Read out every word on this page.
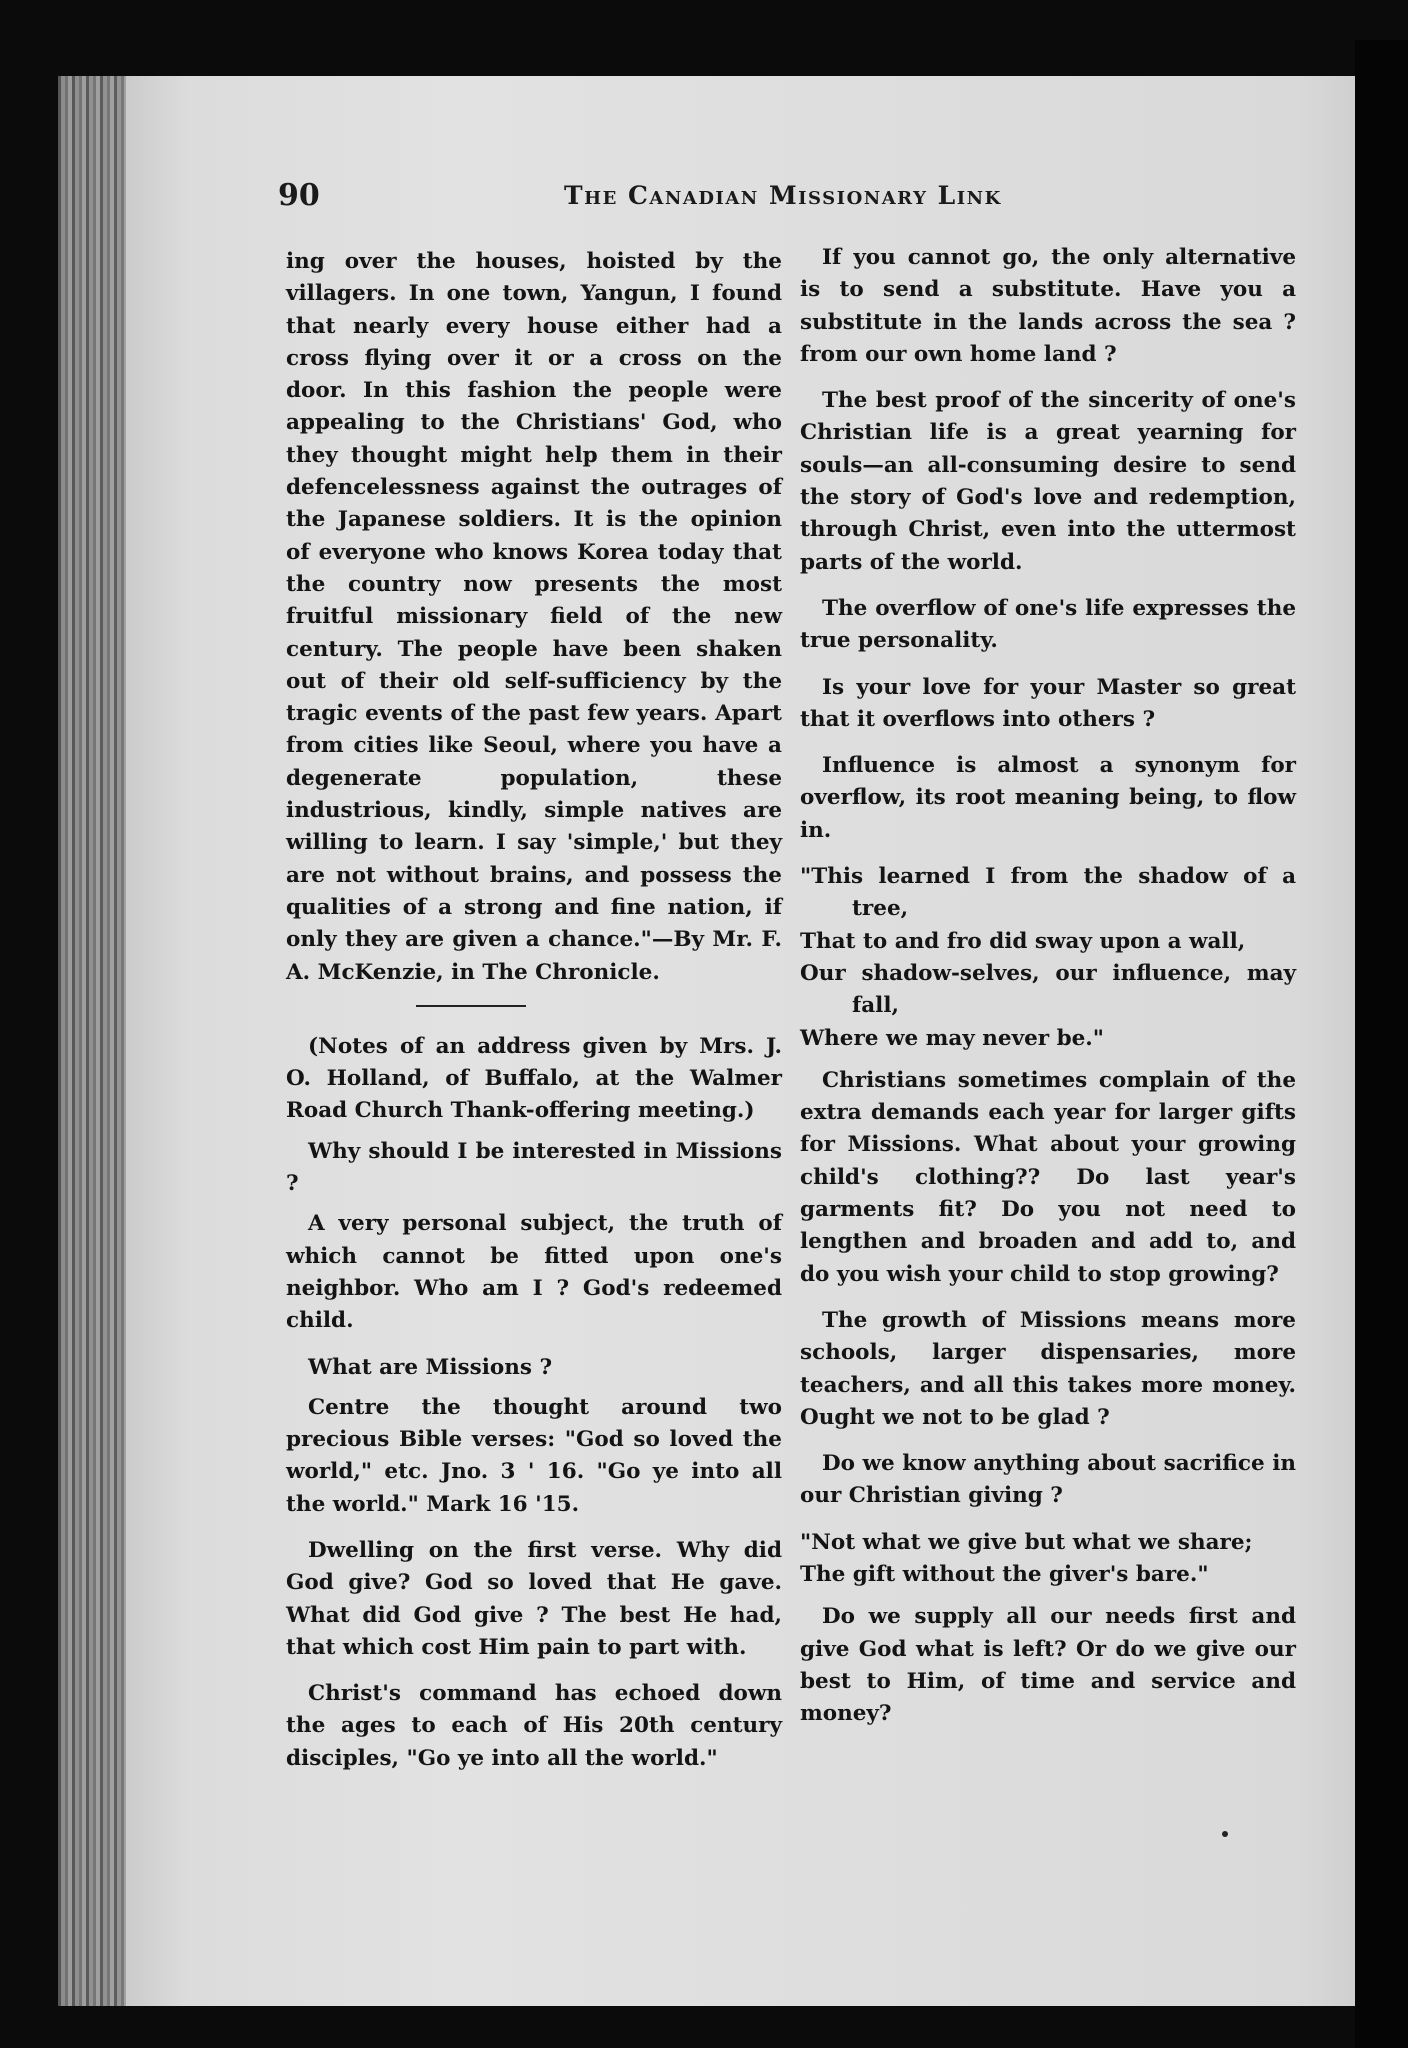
90	The Canadian Missionary Link

ing over the houses, hoisted by the villagers. In one town, Yangun, I found that nearly every house either had a cross flying over it or a cross on the door. In this fashion the people were appealing to the Christians' God, who they thought might help them in their defencelessness against the outrages of the Japanese soldiers. It is the opinion of everyone who knows Korea today that the country now presents the most fruitful missionary field of the new century. The people have been shaken out of their old self-sufficiency by the tragic events of the past few years. Apart from cities like Seoul, where you have a degenerate population, these industrious, kindly, simple natives are willing to learn. I say 'simple,' but they are not without brains, and possess the qualities of a strong and fine nation, if only they are given a chance."—By Mr. F. A. McKenzie, in The Chronicle.

(Notes of an address given by Mrs. J. O. Holland, of Buffalo, at the Walmer Road Church Thank-offering meeting.)

Why should I be interested in Missions ?

A very personal subject, the truth of which cannot be fitted upon one's neighbor. Who am I ? God's redeemed child.

What are Missions ?

Centre the thought around two precious Bible verses: "God so loved the world," etc. Jno. 3 ' 16. "Go ye into all the world." Mark 16 '15.

Dwelling on the first verse. Why did God give? God so loved that He gave. What did God give ? The best He had, that which cost Him pain to part with.

Christ's command has echoed down the ages to each of His 20th century disciples, "Go ye into all the world."

If you cannot go, the only alternative is to send a substitute. Have you a substitute in the lands across the sea ? from our own home land ?

The best proof of the sincerity of one's Christian life is a great yearning for souls—an all-consuming desire to send the story of God's love and redemption, through Christ, even into the uttermost parts of the world.

The overflow of one's life expresses the true personality.

Is your love for your Master so great that it overflows into others ?

Influence is almost a synonym for overflow, its root meaning being, to flow in.

"This learned I from the shadow of a tree,
That to and fro did sway upon a wall,
Our shadow-selves, our influence, may fall,
Where we may never be."

Christians sometimes complain of the extra demands each year for larger gifts for Missions. What about your growing child's clothing?? Do last year's garments fit? Do you not need to lengthen and broaden and add to, and do you wish your child to stop growing?

The growth of Missions means more schools, larger dispensaries, more teachers, and all this takes more money. Ought we not to be glad ?

Do we know anything about sacrifice in our Christian giving ?

"Not what we give but what we share;
The gift without the giver's bare."

Do we supply all our needs first and give God what is left? Or do we give our best to Him, of time and service and money?
